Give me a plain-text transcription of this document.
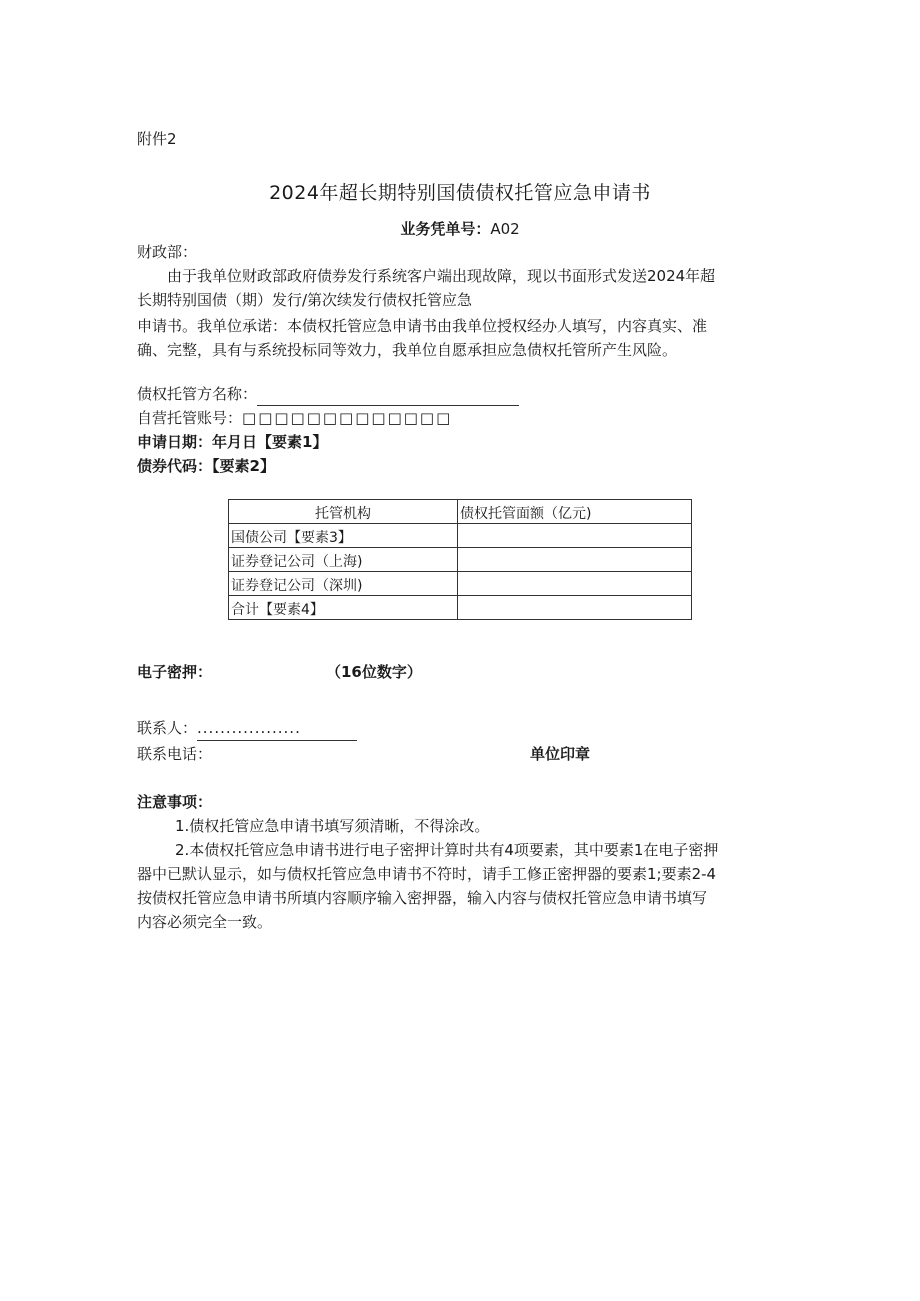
附件2
2024年超长期特别国债债权托管应急申请书
业务凭单号：A02
财政部：
由于我单位财政部政府债券发行系统客户端出现故障，现以书面形式发送2024年超
长期特别国债（期）发行/第次续发行债权托管应急
申请书。我单位承诺：本债权托管应急申请书由我单位授权经办人填写，内容真实、准
确、完整，具有与系统投标同等效力，我单位自愿承担应急债权托管所产生风险。
债权托管方名称：
自营托管账号：□□□□□□□□□□□□□
申请日期：年月日【要素1】
债券代码：【要素2】
托管机构	债权托管面额（亿元)
国债公司【要素3】	
证券登记公司（上海)	
证券登记公司（深圳)	
合计【要素4】	
电子密押：	（16位数字）
联系人：..................
联系电话：	单位印章
注意事项：
1.债权托管应急申请书填写须清晰，不得涂改。
2.本债权托管应急申请书进行电子密押计算时共有4项要素，其中要素1在电子密押
器中已默认显示，如与债权托管应急申请书不符时，请手工修正密押器的要素1;要素2-4
按债权托管应急申请书所填内容顺序输入密押器，输入内容与债权托管应急申请书填写
内容必须完全一致。
